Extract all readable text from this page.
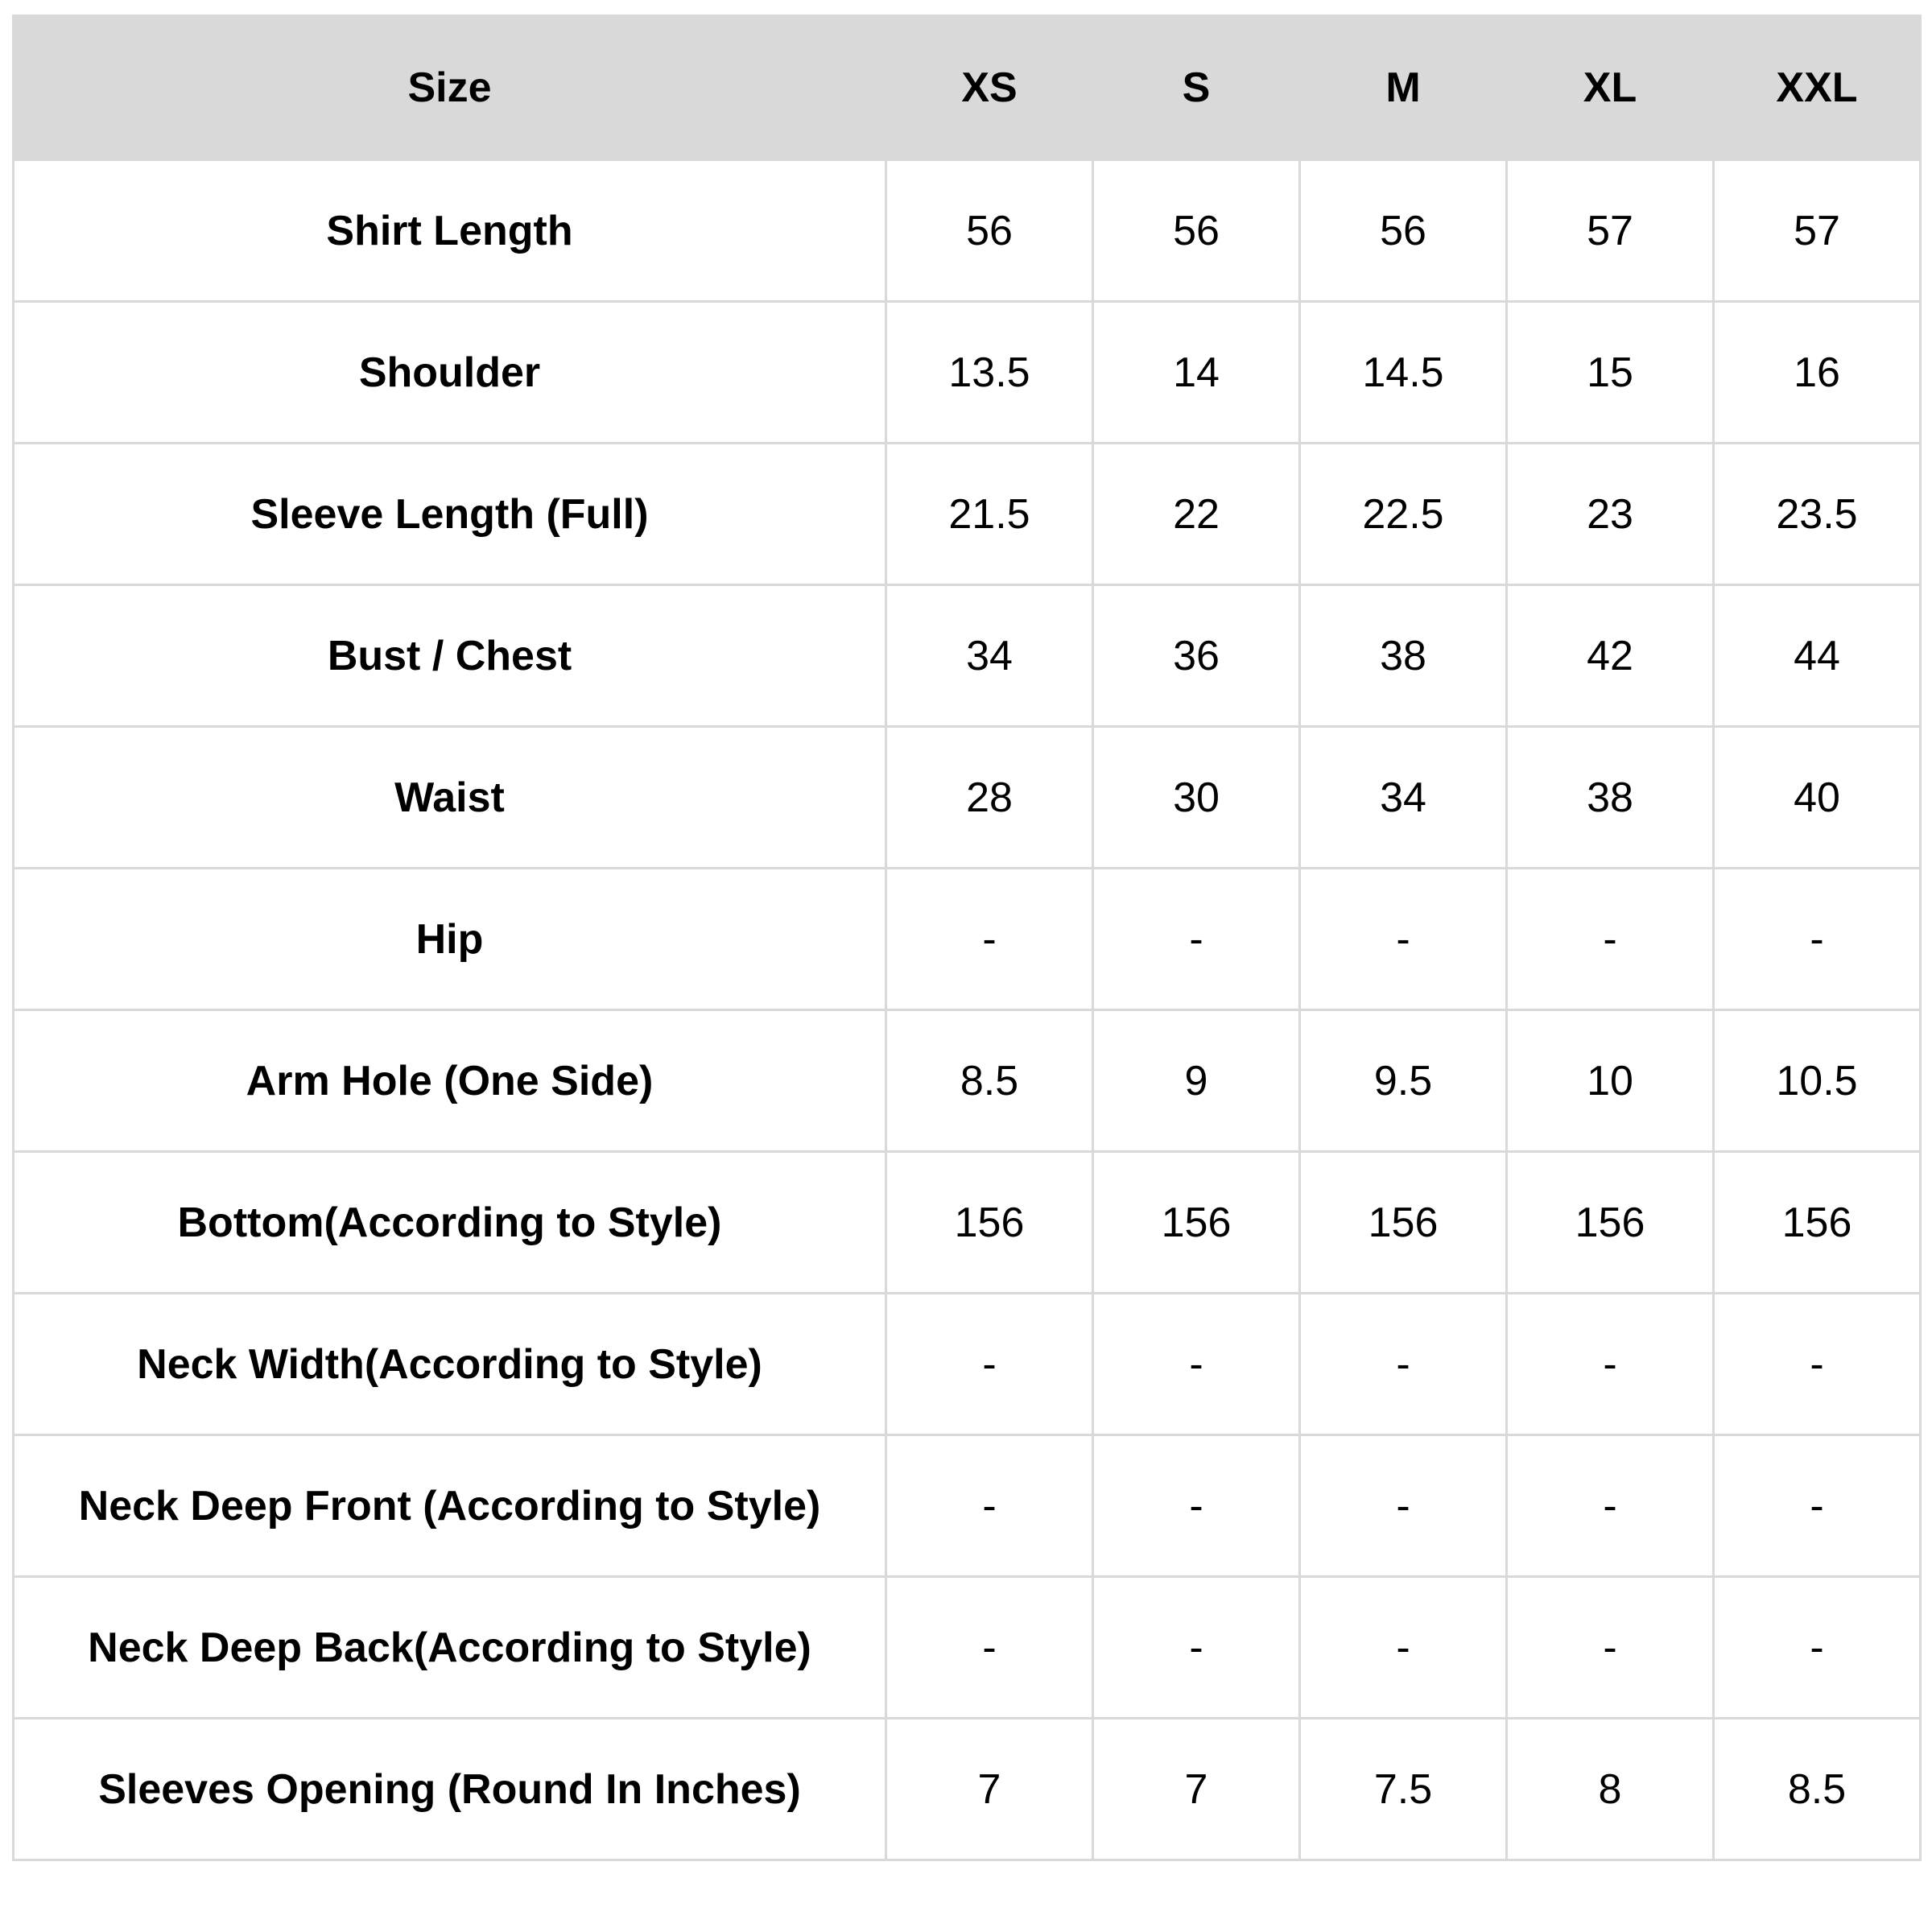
Size	XS	S	M	XL	XXL
Shirt Length	56	56	56	57	57
Shoulder	13.5	14	14.5	15	16
Sleeve Length (Full)	21.5	22	22.5	23	23.5
Bust / Chest	34	36	38	42	44
Waist	28	30	34	38	40
Hip	-	-	-	-	-
Arm Hole (One Side)	8.5	9	9.5	10	10.5
Bottom(According to Style)	156	156	156	156	156
Neck Width(According to Style)	-	-	-	-	-
Neck Deep Front (According to Style)	-	-	-	-	-
Neck Deep Back(According to Style)	-	-	-	-	-
Sleeves Opening (Round In Inches)	7	7	7.5	8	8.5
